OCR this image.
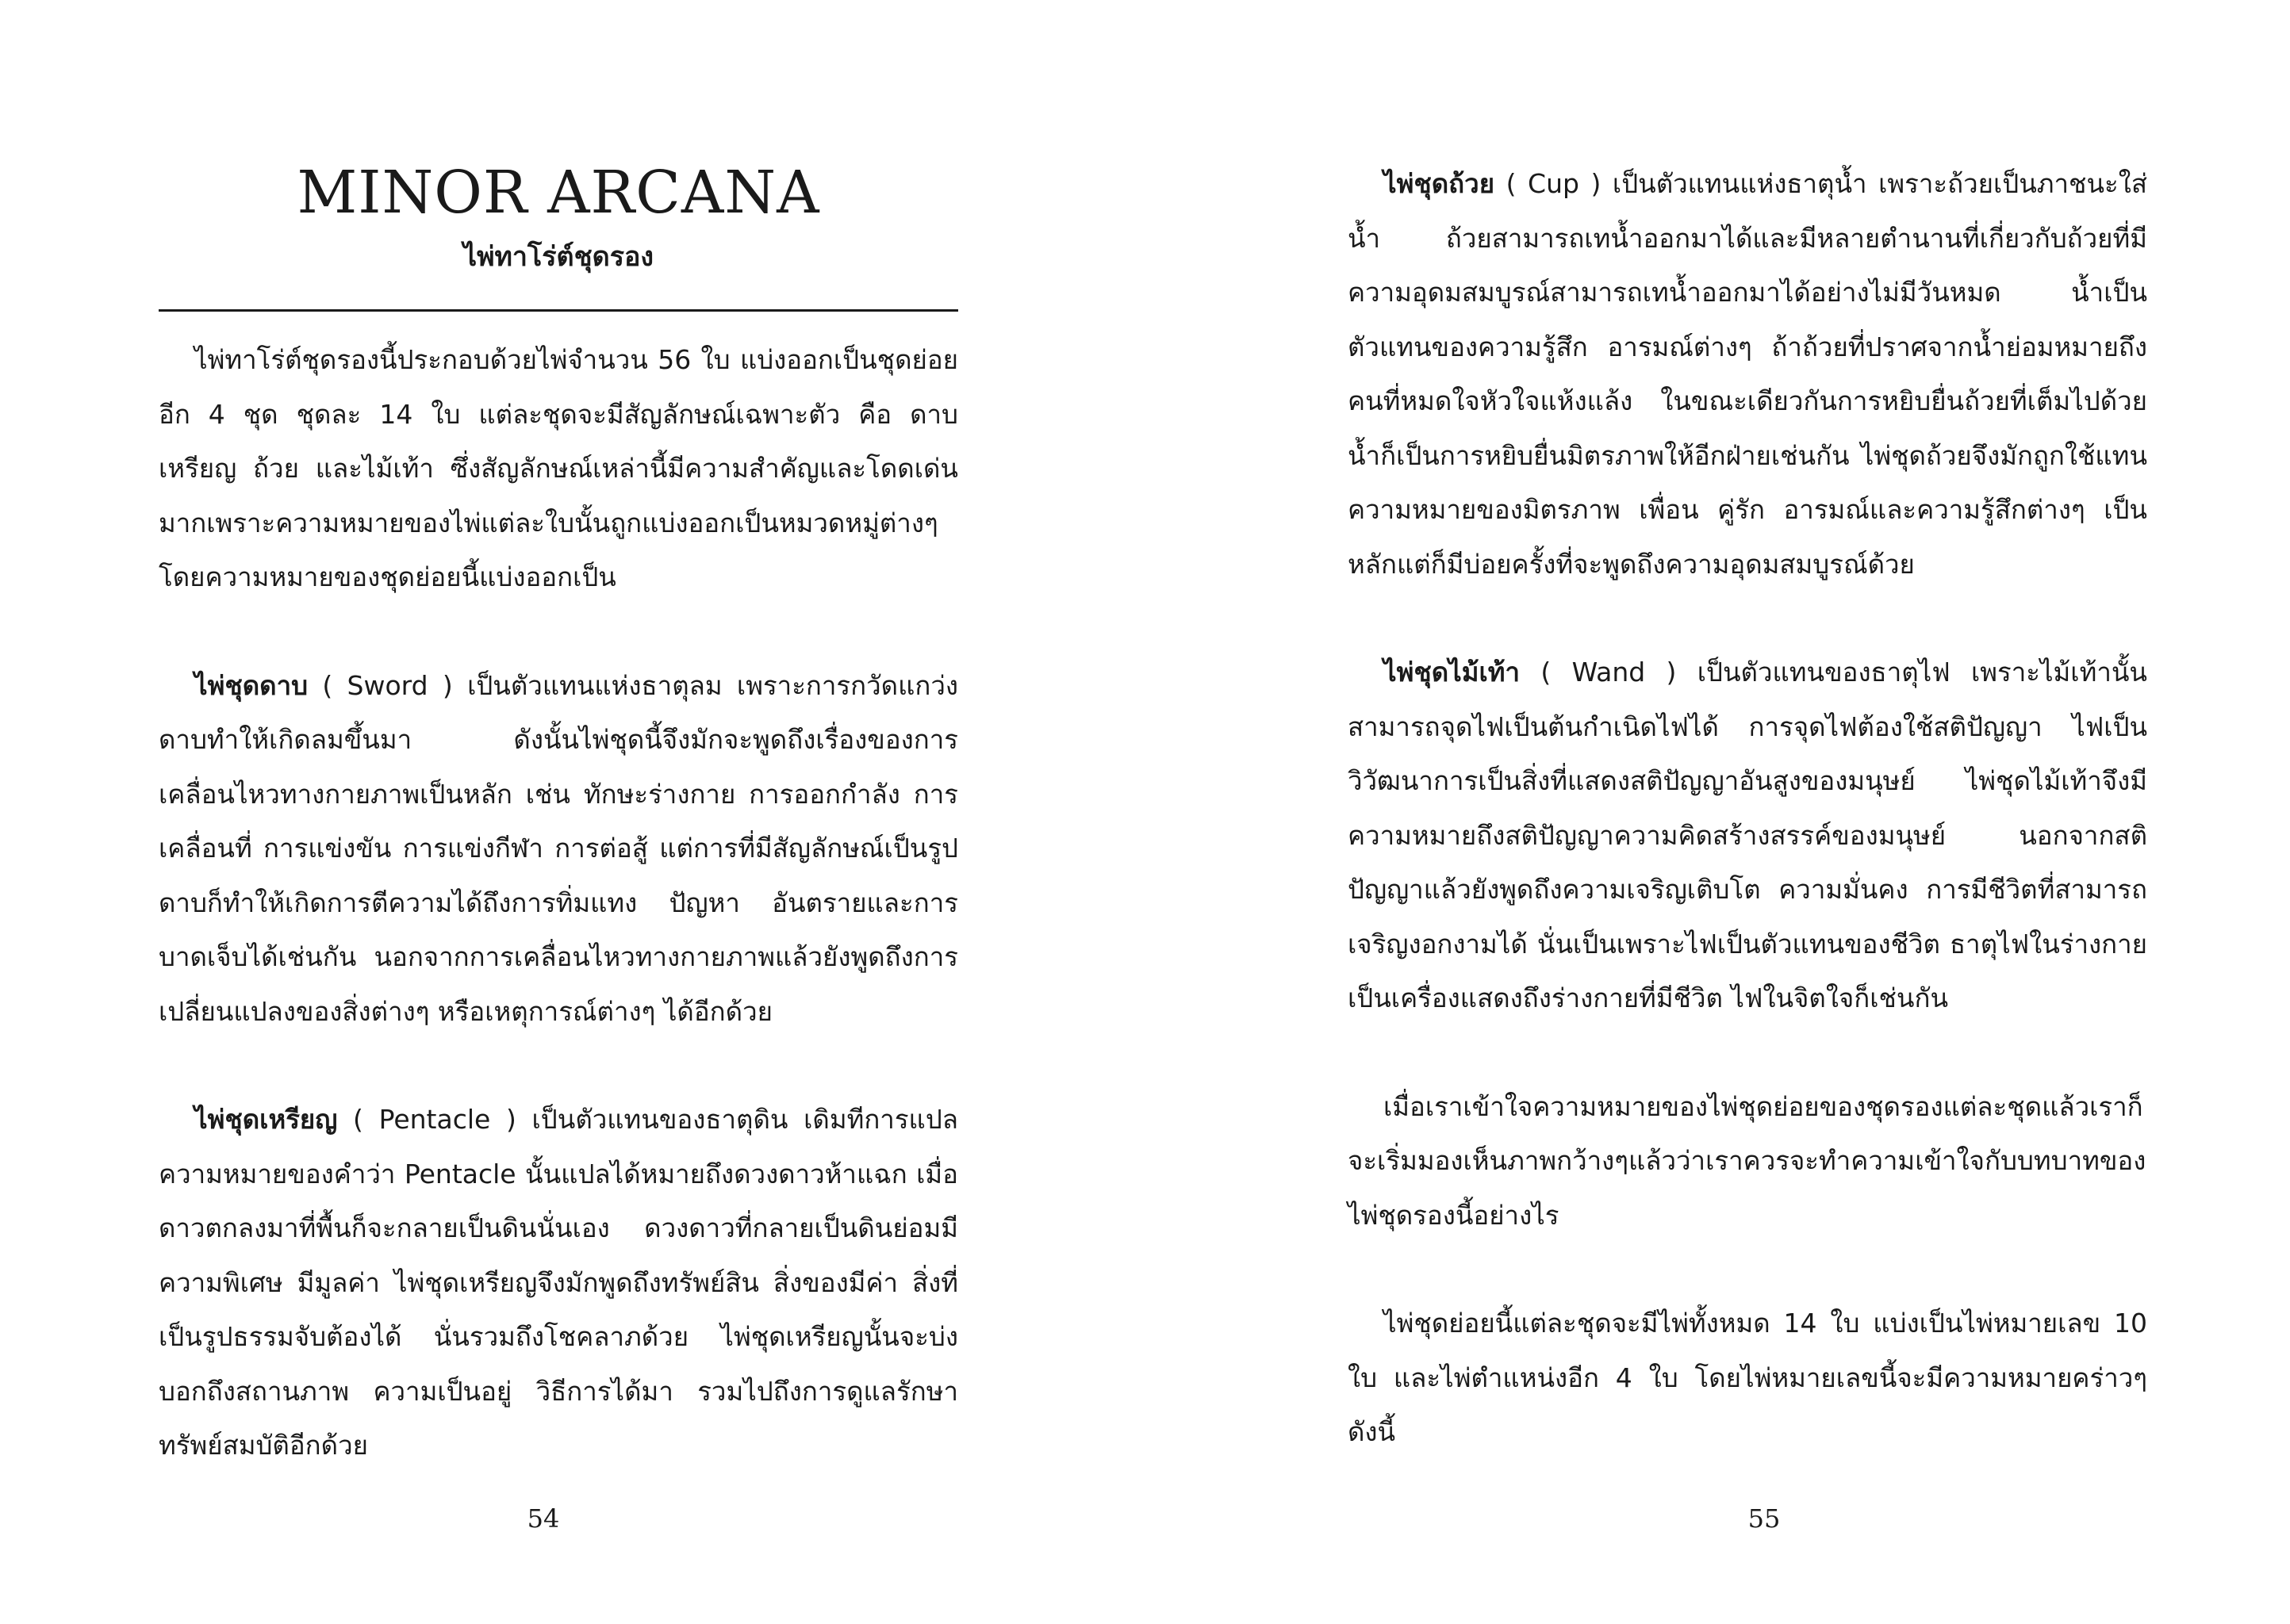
MINOR ARCANA
ไพ่ทาโร่ต์ชุดรอง

ไพ่ทาโร่ต์ชุดรองนี้ประกอบด้วยไพ่จำนวน 56 ใบ แบ่งออกเป็นชุดย่อยอีก 4 ชุด ชุดละ 14 ใบ แต่ละชุดจะมีสัญลักษณ์เฉพาะตัว คือ ดาบ เหรียญ ถ้วย และไม้เท้า ซึ่งสัญลักษณ์เหล่านี้มีความสำคัญและโดดเด่นมากเพราะความหมายของไพ่แต่ละใบนั้นถูกแบ่งออกเป็นหมวดหมู่ต่างๆ โดยความหมายของชุดย่อยนี้แบ่งออกเป็น

ไพ่ชุดดาบ ( Sword ) เป็นตัวแทนแห่งธาตุลม เพราะการกวัดแกว่งดาบทำให้เกิดลมขึ้นมา ดังนั้นไพ่ชุดนี้จึงมักจะพูดถึงเรื่องของการเคลื่อนไหวทางกายภาพเป็นหลัก เช่น ทักษะร่างกาย การออกกำลัง การเคลื่อนที่ การแข่งขัน การแข่งกีฬา การต่อสู้ แต่การที่มีสัญลักษณ์เป็นรูปดาบก็ทำให้เกิดการตีความได้ถึงการทิ่มแทง ปัญหา อันตรายและการบาดเจ็บได้เช่นกัน นอกจากการเคลื่อนไหวทางกายภาพแล้วยังพูดถึงการเปลี่ยนแปลงของสิ่งต่างๆ หรือเหตุการณ์ต่างๆ ได้อีกด้วย

ไพ่ชุดเหรียญ ( Pentacle ) เป็นตัวแทนของธาตุดิน เดิมทีการแปลความหมายของคำว่า Pentacle นั้นแปลได้หมายถึงดวงดาวห้าแฉก เมื่อดาวตกลงมาที่พื้นก็จะกลายเป็นดินนั่นเอง ดวงดาวที่กลายเป็นดินย่อมมีความพิเศษ มีมูลค่า ไพ่ชุดเหรียญจึงมักพูดถึงทรัพย์สิน สิ่งของมีค่า สิ่งที่เป็นรูปธรรมจับต้องได้ นั่นรวมถึงโชคลาภด้วย ไพ่ชุดเหรียญนั้นจะบ่งบอกถึงสถานภาพ ความเป็นอยู่ วิธีการได้มา รวมไปถึงการดูแลรักษาทรัพย์สมบัติอีกด้วย

54

ไพ่ชุดถ้วย ( Cup ) เป็นตัวแทนแห่งธาตุน้ำ เพราะถ้วยเป็นภาชนะใส่น้ำ ถ้วยสามารถเทน้ำออกมาได้และมีหลายตำนานที่เกี่ยวกับถ้วยที่มีความอุดมสมบูรณ์สามารถเทน้ำออกมาได้อย่างไม่มีวันหมด น้ำเป็นตัวแทนของความรู้สึก อารมณ์ต่างๆ ถ้าถ้วยที่ปราศจากน้ำย่อมหมายถึงคนที่หมดใจหัวใจแห้งแล้ง ในขณะเดียวกันการหยิบยื่นถ้วยที่เต็มไปด้วยน้ำก็เป็นการหยิบยื่นมิตรภาพให้อีกฝ่ายเช่นกัน ไพ่ชุดถ้วยจึงมักถูกใช้แทนความหมายของมิตรภาพ เพื่อน คู่รัก อารมณ์และความรู้สึกต่างๆ เป็นหลักแต่ก็มีบ่อยครั้งที่จะพูดถึงความอุดมสมบูรณ์ด้วย

ไพ่ชุดไม้เท้า ( Wand ) เป็นตัวแทนของธาตุไฟ เพราะไม้เท้านั้นสามารถจุดไฟเป็นต้นกำเนิดไฟได้ การจุดไฟต้องใช้สติปัญญา ไฟเป็นวิวัฒนาการเป็นสิ่งที่แสดงสติปัญญาอันสูงของมนุษย์ ไพ่ชุดไม้เท้าจึงมีความหมายถึงสติปัญญาความคิดสร้างสรรค์ของมนุษย์ นอกจากสติปัญญาแล้วยังพูดถึงความเจริญเติบโต ความมั่นคง การมีชีวิตที่สามารถเจริญงอกงามได้ นั่นเป็นเพราะไฟเป็นตัวแทนของชีวิต ธาตุไฟในร่างกายเป็นเครื่องแสดงถึงร่างกายที่มีชีวิต ไฟในจิตใจก็เช่นกัน

เมื่อเราเข้าใจความหมายของไพ่ชุดย่อยของชุดรองแต่ละชุดแล้วเราก็จะเริ่มมองเห็นภาพกว้างๆแล้วว่าเราควรจะทำความเข้าใจกับบทบาทของไพ่ชุดรองนี้อย่างไร

ไพ่ชุดย่อยนี้แต่ละชุดจะมีไพ่ทั้งหมด 14 ใบ แบ่งเป็นไพ่หมายเลข 10 ใบ และไพ่ตำแหน่งอีก 4 ใบ โดยไพ่หมายเลขนี้จะมีความหมายคร่าวๆ ดังนี้

55
